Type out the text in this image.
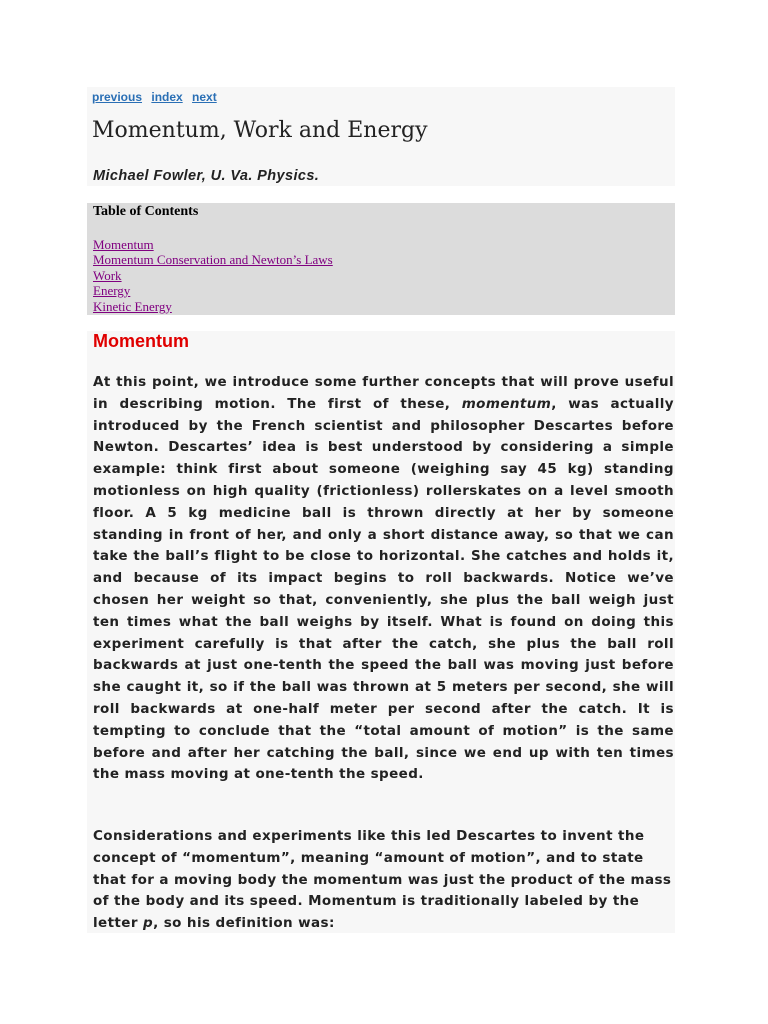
previous index next
Momentum, Work and Energy
Michael Fowler, U. Va. Physics.
Table of Contents
Momentum
Momentum Conservation and Newton’s Laws
Work
Energy
Kinetic Energy
Momentum

At this point, we introduce some further concepts that will prove useful in describing motion. The first of these, momentum, was actually introduced by the French scientist and philosopher Descartes before Newton. Descartes’ idea is best understood by considering a simple example: think first about someone (weighing say 45 kg) standing motionless on high quality (frictionless) rollerskates on a level smooth floor. A 5 kg medicine ball is thrown directly at her by someone standing in front of her, and only a short distance away, so that we can take the ball’s flight to be close to horizontal. She catches and holds it, and because of its impact begins to roll backwards. Notice we’ve chosen her weight so that, conveniently, she plus the ball weigh just ten times what the ball weighs by itself. What is found on doing this experiment carefully is that after the catch, she plus the ball roll backwards at just one-tenth the speed the ball was moving just before she caught it, so if the ball was thrown at 5 meters per second, she will roll backwards at one-half meter per second after the catch. It is tempting to conclude that the “total amount of motion” is the same before and after her catching the ball, since we end up with ten times the mass moving at one-tenth the speed.

Considerations and experiments like this led Descartes to invent the concept of “momentum”, meaning “amount of motion”, and to state that for a moving body the momentum was just the product of the mass of the body and its speed. Momentum is traditionally labeled by the letter p, so his definition was:
